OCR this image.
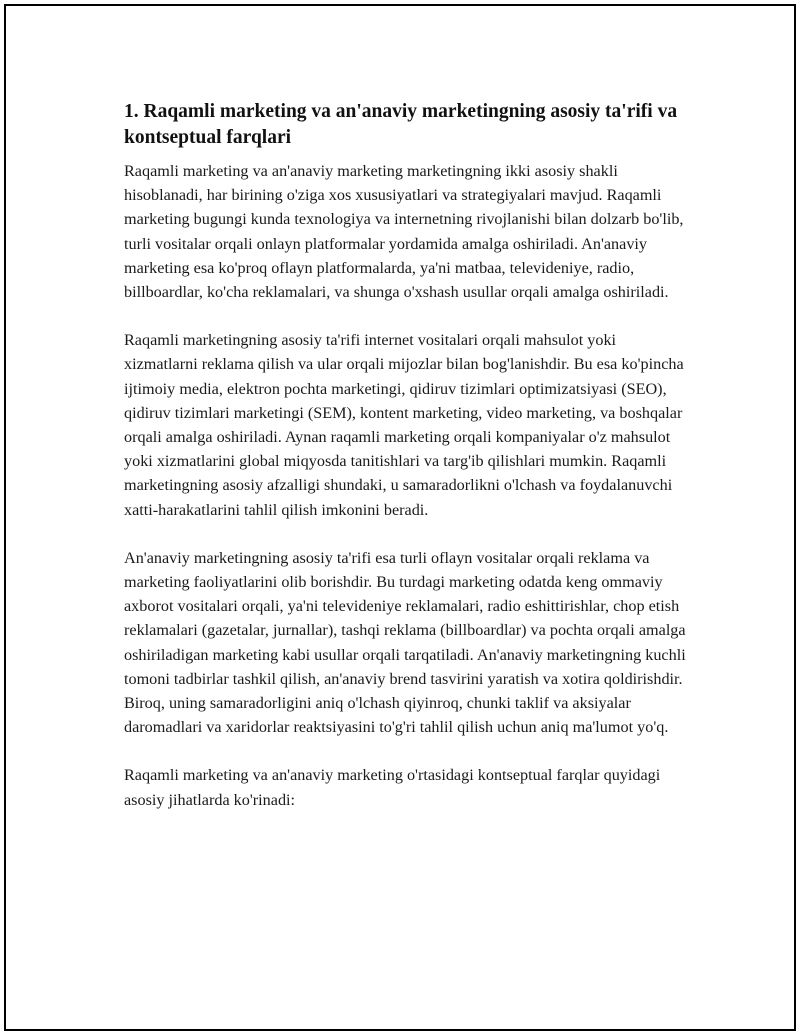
1. Raqamli marketing va an'anaviy marketingning asosiy ta'rifi va kontseptual farqlari

Raqamli marketing va an'anaviy marketing marketingning ikki asosiy shakli hisoblanadi, har birining o'ziga xos xususiyatlari va strategiyalari mavjud. Raqamli marketing bugungi kunda texnologiya va internetning rivojlanishi bilan dolzarb bo'lib, turli vositalar orqali onlayn platformalar yordamida amalga oshiriladi. An'anaviy marketing esa ko'proq oflayn platformalarda, ya'ni matbaa, televideniye, radio, billboardlar, ko'cha reklamalari, va shunga o'xshash usullar orqali amalga oshiriladi.

Raqamli marketingning asosiy ta'rifi internet vositalari orqali mahsulot yoki xizmatlarni reklama qilish va ular orqali mijozlar bilan bog'lanishdir. Bu esa ko'pincha ijtimoiy media, elektron pochta marketingi, qidiruv tizimlari optimizatsiyasi (SEO), qidiruv tizimlari marketingi (SEM), kontent marketing, video marketing, va boshqalar orqali amalga oshiriladi. Aynan raqamli marketing orqali kompaniyalar o'z mahsulot yoki xizmatlarini global miqyosda tanitishlari va targ'ib qilishlari mumkin. Raqamli marketingning asosiy afzalligi shundaki, u samaradorlikni o'lchash va foydalanuvchi xatti-harakatlarini tahlil qilish imkonini beradi.

An'anaviy marketingning asosiy ta'rifi esa turli oflayn vositalar orqali reklama va marketing faoliyatlarini olib borishdir. Bu turdagi marketing odatda keng ommaviy axborot vositalari orqali, ya'ni televideniye reklamalari, radio eshittirishlar, chop etish reklamalari (gazetalar, jurnallar), tashqi reklama (billboardlar) va pochta orqali amalga oshiriladigan marketing kabi usullar orqali tarqatiladi. An'anaviy marketingning kuchli tomoni tadbirlar tashkil qilish, an'anaviy brend tasvirini yaratish va xotira qoldirishdir. Biroq, uning samaradorligini aniq o'lchash qiyinroq, chunki taklif va aksiyalar daromadlari va xaridorlar reaktsiyasini to'g'ri tahlil qilish uchun aniq ma'lumot yo'q.

Raqamli marketing va an'anaviy marketing o'rtasidagi kontseptual farqlar quyidagi asosiy jihatlarda ko'rinadi:
